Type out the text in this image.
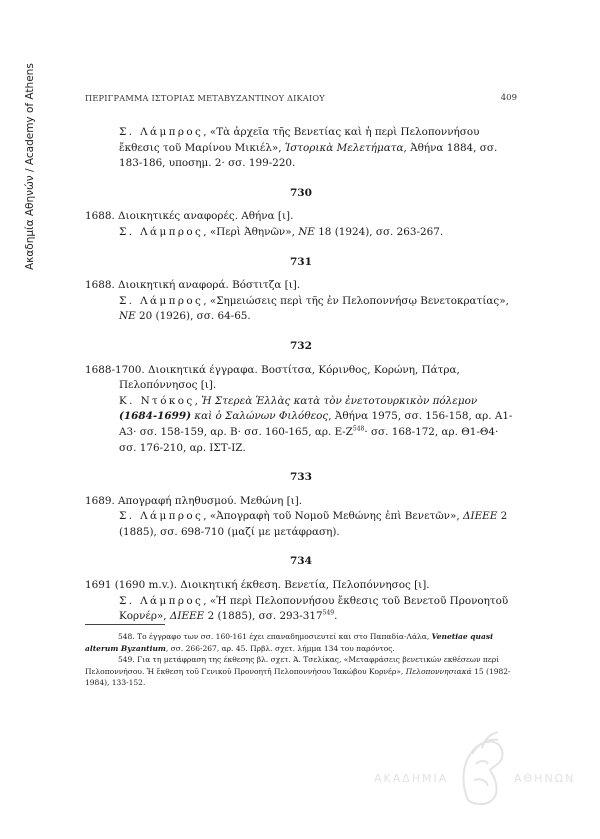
Ακαδημία Αθηνών / Academy of Athens	ΠΕΡΙΓΡΑΜΜΑ ΙΣΤΟΡΙΑΣ ΜΕΤΑΒΥΖΑΝΤΙΝΟΥ ΔΙΚΑΙΟΥ	409

Σ. Λάμπρος, «Τὰ ἀρχεῖα τῆς Βενετίας καὶ ἡ περὶ Πελοποννήσου ἔκθεσις τοῦ Μαρίνου Μικιέλ», Ἱστορικὰ Μελετήματα, Ἀθήνα 1884, σσ. 183-186, υποσημ. 2· σσ. 199-220.

730

1688. Διοικητικές αναφορές. Αθήνα [ι].

Σ. Λάμπρος, «Περὶ Ἀθηνῶν», ΝΕ 18 (1924), σσ. 263-267.

731

1688. Διοικητική αναφορά. Βόστιτζα [ι].

Σ. Λάμπρος, «Σημειώσεις περὶ τῆς ἐν Πελοποννήσῳ Βενετοκρατίας», ΝΕ 20 (1926), σσ. 64-65.

732

1688-1700. Διοικητικά έγγραφα. Βοστίτσα, Κόρινθος, Κορώνη, Πάτρα, Πελοπόννησος [ι].

Κ. Ντόκος, Ἡ Στερεὰ Ἑλλὰς κατὰ τὸν ἐνετοτουρκικὸν πόλεμον (1684-1699) καὶ ὁ Σαλώνων Φιλόθεος, Ἀθήνα 1975, σσ. 156-158, αρ. Α1-Α3· σσ. 158-159, αρ. Β· σσ. 160-165, αρ. $E-Z^{548}\cdot \sigma\sigma$. 168-172, αρ. Θ1-Θ4· σσ. 176-210, αρ. ΙΣΤ-ΙΖ.

733

1689. Απογραφή πληθυσμού. Μεθώνη [ι].

Σ. Λάμπρος, «Ἀπογραφὴ τοῦ Νομοῦ Μεθώνης ἐπὶ Βενετῶν», ΔΙΕΕΕ 2 (1885), σσ. 698-710 (μαζί με μετάφραση).

734

1691 (1690 m.v.). Διοικητική έκθεση. Βενετία, Πελοπόννησος [ι].

Σ. Λάμπρος, «Ἡ περὶ Πελοποννήσου ἔκθεσις τοῦ Βενετοῦ Προνοητοῦ Κορνέρ», ΔΙΕΕΕ 2 (1885), σσ. $293-317^{549}$.

548. Το έγγραφο των σσ. 160-161 έχει επαναδημοσιευτεί και στο Παπαδία-Λάλα, Venetiae quasi alterum Byzantium, σσ. 266-267, αρ. 45. Πρβλ. σχετ. λήμμα 134 του παρόντος.

549. Για τη μετάφραση της έκθεσης βλ. σχετ. Ά. Τσελίκας, «Μεταφράσεις βενετικών εκθέσεων περί Πελοποννήσου. Ἡ ἔκθεση τοῦ Γενικοῦ Προνοητῆ Πελοποννήσου Ἰακώβου Κορνέρ», Πελοποννησιακά 15 (1982-1984), 133-152.

ΑΚΑΔΗΜΙΑ	ΑΘΗΝΩΝ
